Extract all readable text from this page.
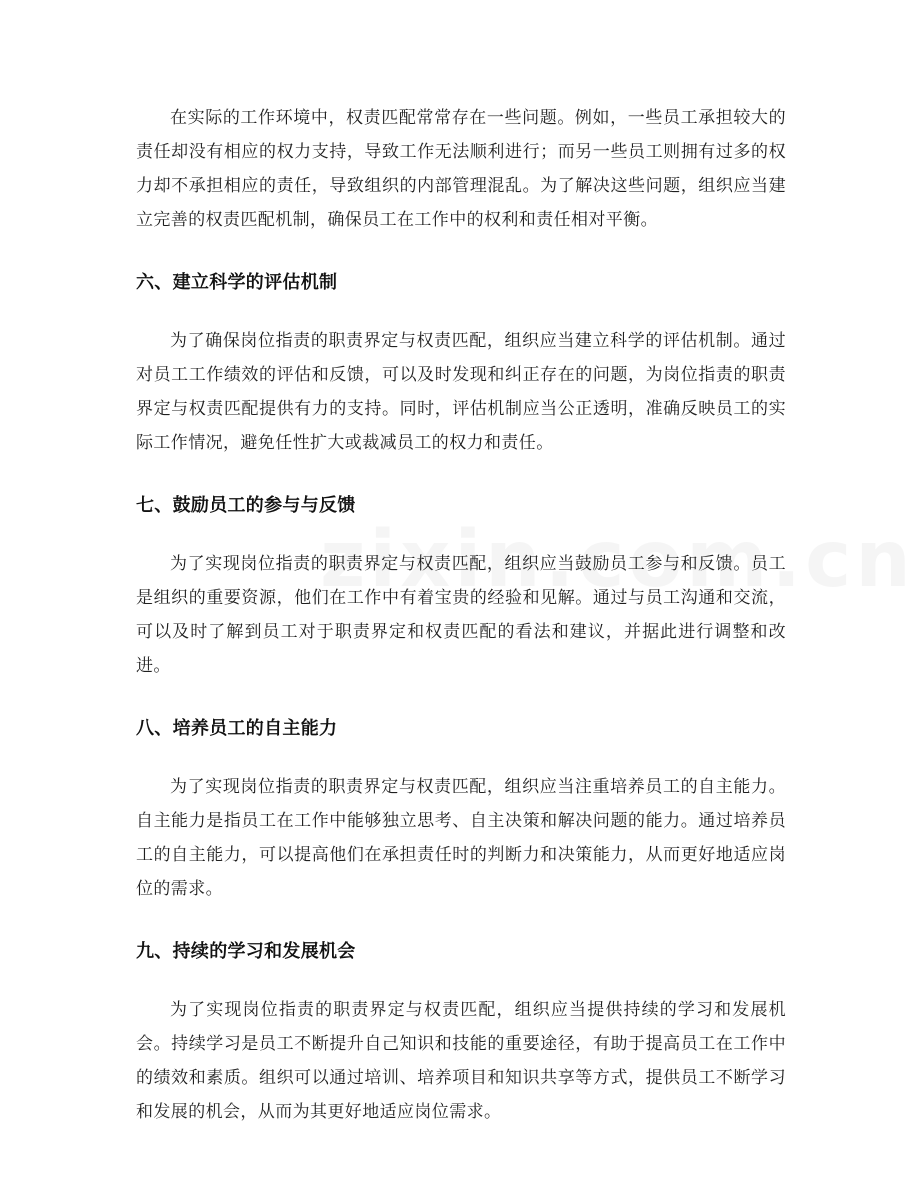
在实际的工作环境中，权责匹配常常存在一些问题。例如，一些员工承担较大的责任却没有相应的权力支持，导致工作无法顺利进行；而另一些员工则拥有过多的权力却不承担相应的责任，导致组织的内部管理混乱。为了解决这些问题，组织应当建立完善的权责匹配机制，确保员工在工作中的权利和责任相对平衡。

六、建立科学的评估机制

为了确保岗位指责的职责界定与权责匹配，组织应当建立科学的评估机制。通过对员工工作绩效的评估和反馈，可以及时发现和纠正存在的问题，为岗位指责的职责界定与权责匹配提供有力的支持。同时，评估机制应当公正透明，准确反映员工的实际工作情况，避免任性扩大或裁减员工的权力和责任。

七、鼓励员工的参与与反馈

为了实现岗位指责的职责界定与权责匹配，组织应当鼓励员工参与和反馈。员工是组织的重要资源，他们在工作中有着宝贵的经验和见解。通过与员工沟通和交流，可以及时了解到员工对于职责界定和权责匹配的看法和建议，并据此进行调整和改进。

八、培养员工的自主能力

为了实现岗位指责的职责界定与权责匹配，组织应当注重培养员工的自主能力。自主能力是指员工在工作中能够独立思考、自主决策和解决问题的能力。通过培养员工的自主能力，可以提高他们在承担责任时的判断力和决策能力，从而更好地适应岗位的需求。

九、持续的学习和发展机会

为了实现岗位指责的职责界定与权责匹配，组织应当提供持续的学习和发展机会。持续学习是员工不断提升自己知识和技能的重要途径，有助于提高员工在工作中的绩效和素质。组织可以通过培训、培养项目和知识共享等方式，提供员工不断学习和发展的机会，从而为其更好地适应岗位需求。
